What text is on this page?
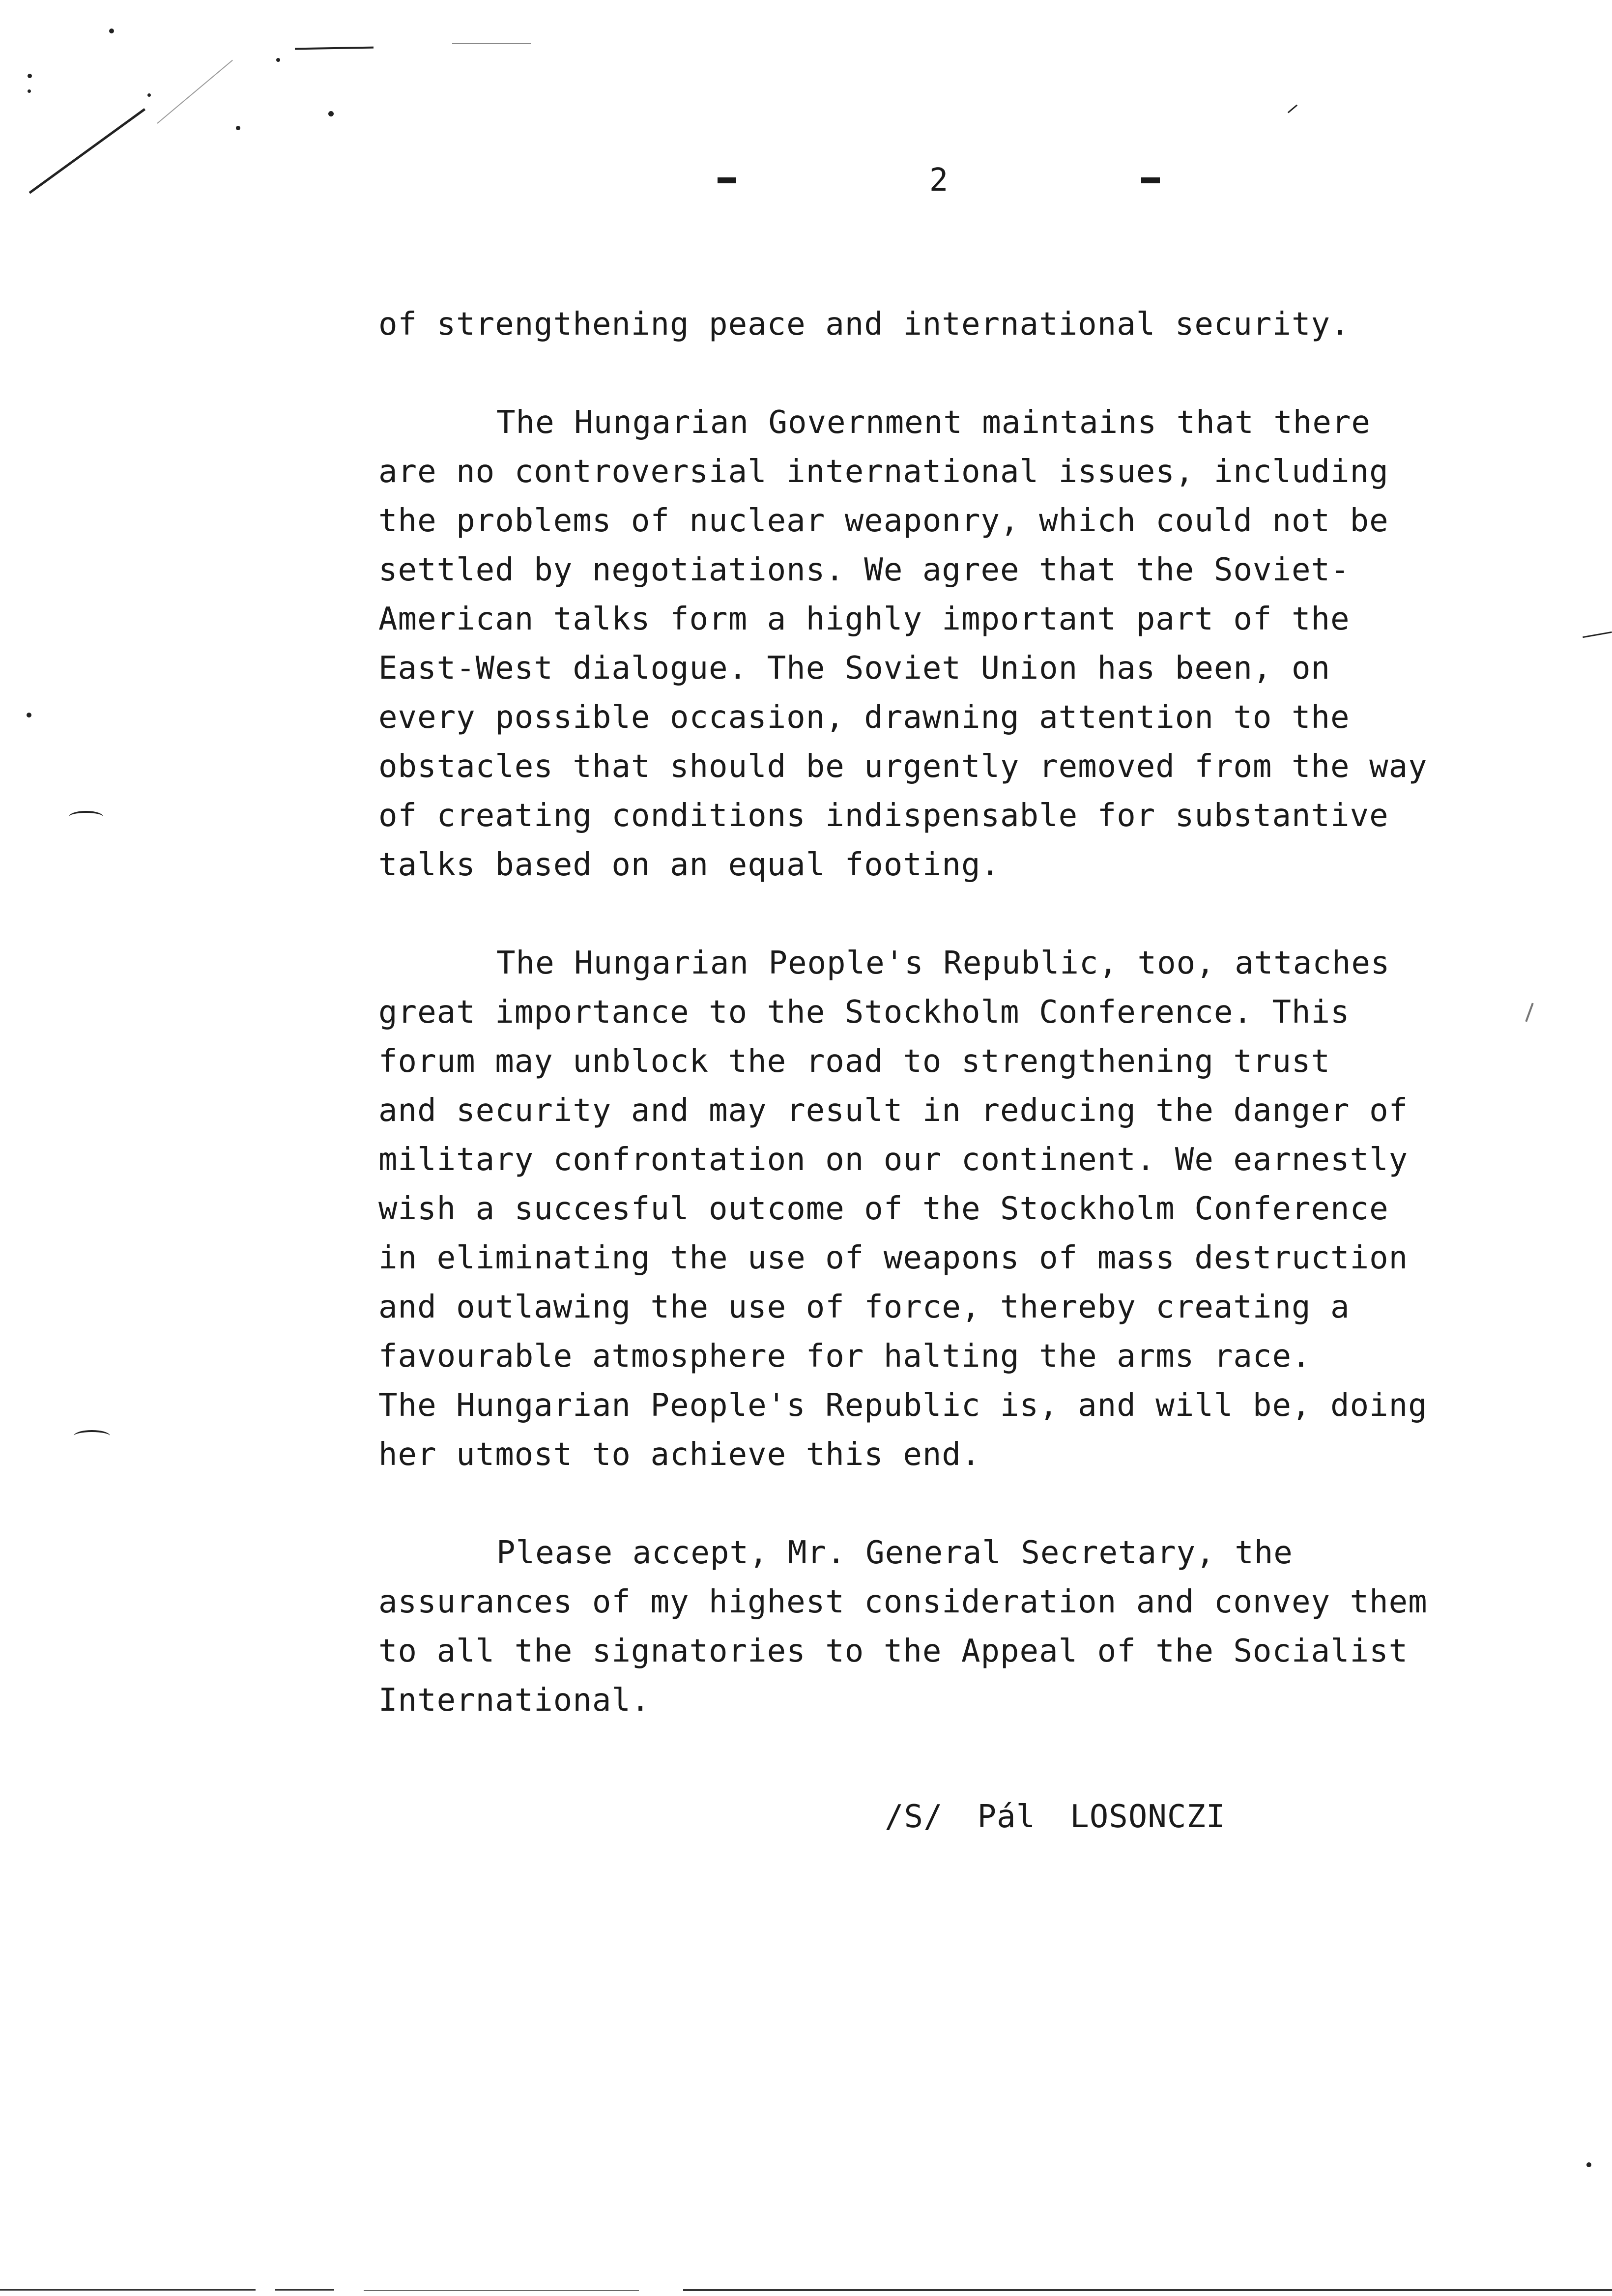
2
of strengthening peace and international security.
The Hungarian Government maintains that there
are no controversial international issues, including
the problems of nuclear weaponry, which could not be
settled by negotiations. We agree that the Soviet-
American talks form a highly important part of the
East-West dialogue. The Soviet Union has been, on
every possible occasion, drawning attention to the
obstacles that should be urgently removed from the way
of creating conditions indispensable for substantive
talks based on an equal footing.
The Hungarian People's Republic, too, attaches
great importance to the Stockholm Conference. This
forum may unblock the road to strengthening trust
and security and may result in reducing the danger of
military confrontation on our continent. We earnestly
wish a succesful outcome of the Stockholm Conference
in eliminating the use of weapons of mass destruction
and outlawing the use of force, thereby creating a
favourable atmosphere for halting the arms race.
The Hungarian People's Republic is, and will be, doing
her utmost to achieve this end.
Please accept, Mr. General Secretary, the
assurances of my highest consideration and convey them
to all the signatories to the Appeal of the Socialist
International.
/S/ Pál LOSONCZI
